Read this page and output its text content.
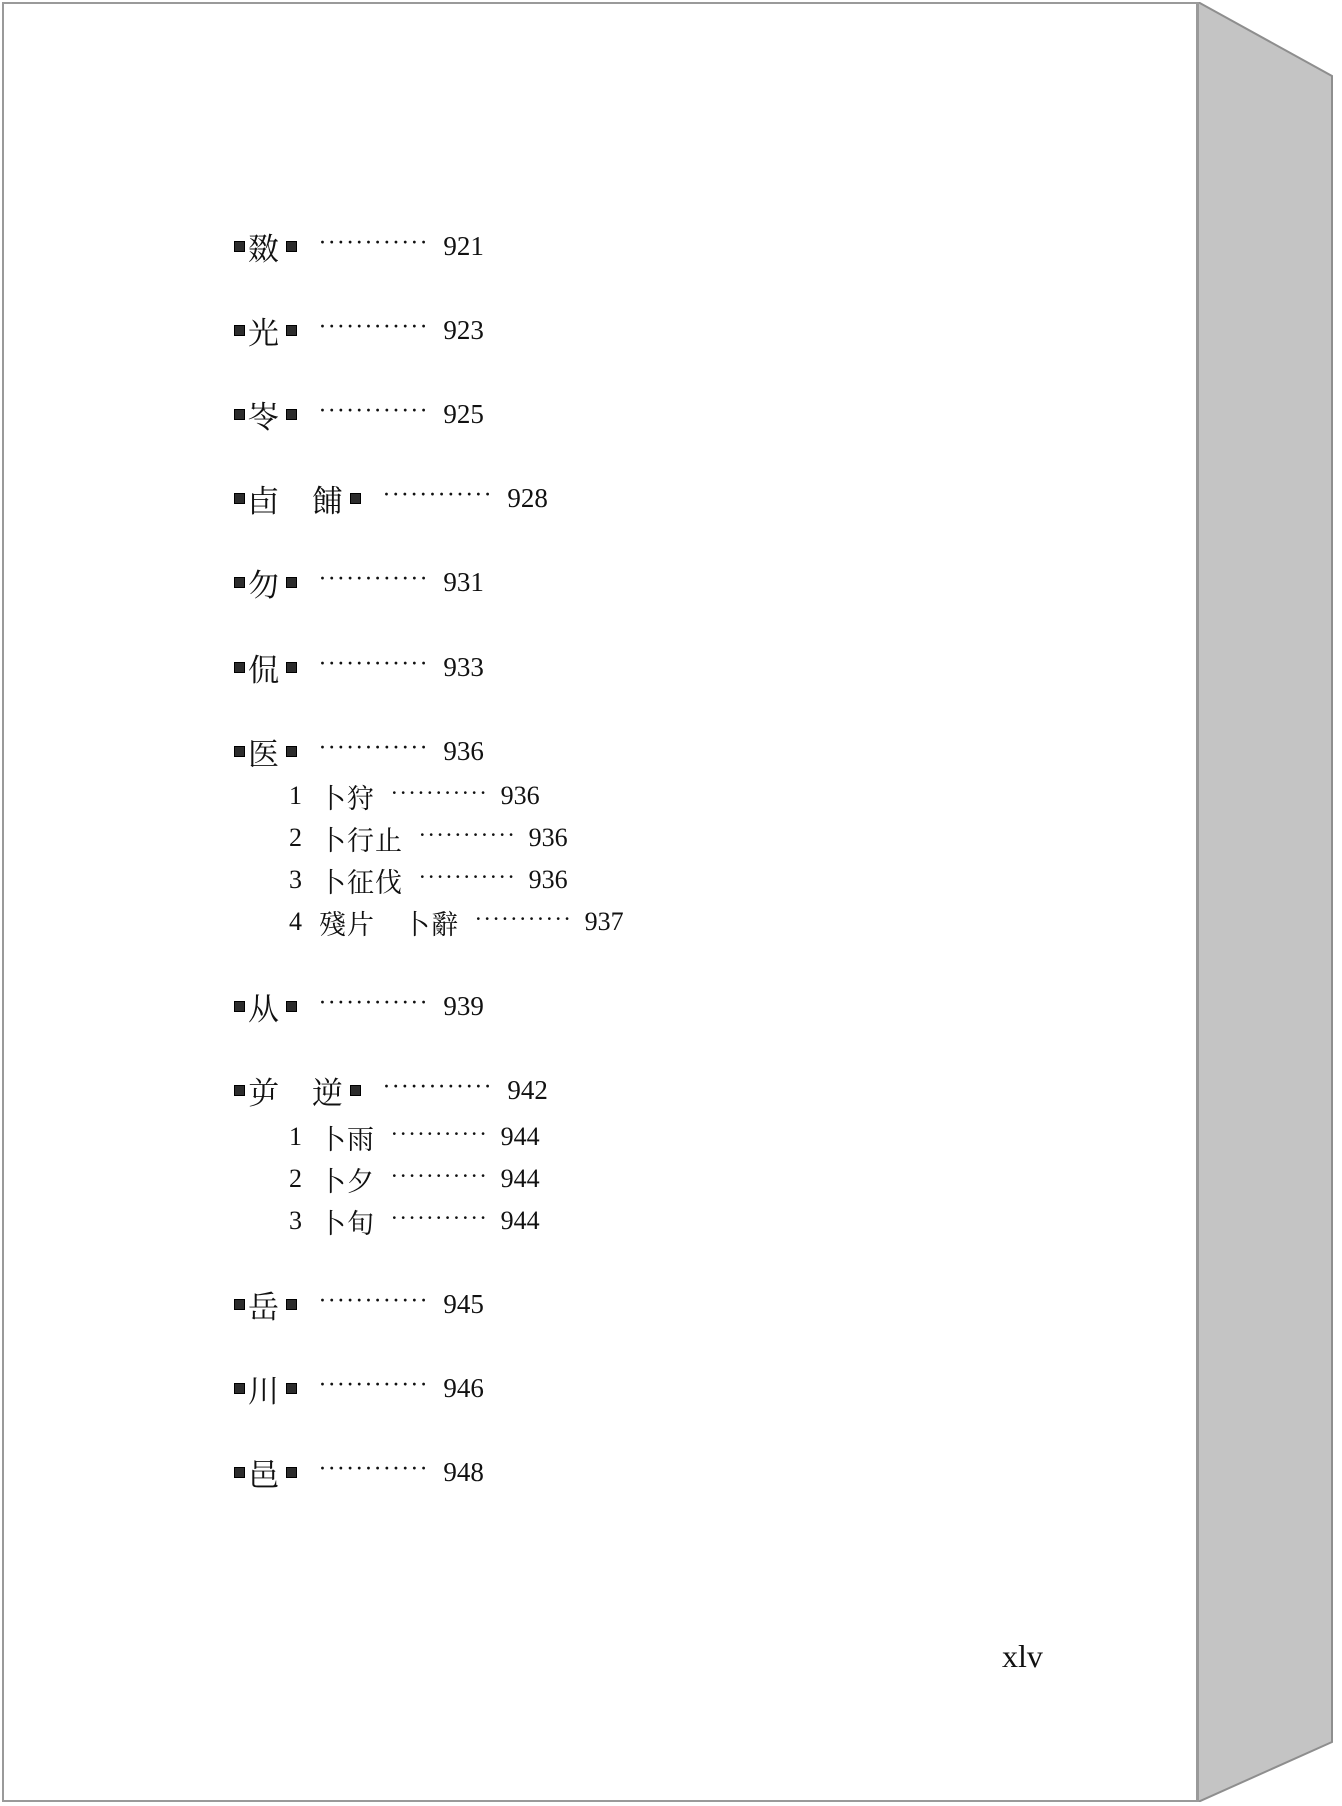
敪 ············ 921
光 ············ 923
岺 ············ 925
卣　餔 ············ 928
勿 ············ 931
侃 ············ 933
医 ············ 936
1 卜狩 ··········· 936
2 卜行止 ··········· 936
3 卜征伐 ··········· 936
4 殘片　卜辭 ··········· 937
从 ············ 939
屰　逆 ············ 942
1 卜雨 ··········· 944
2 卜夕 ··········· 944
3 卜旬 ··········· 944
岳 ············ 945
川 ············ 946
邑 ············ 948
xlv
